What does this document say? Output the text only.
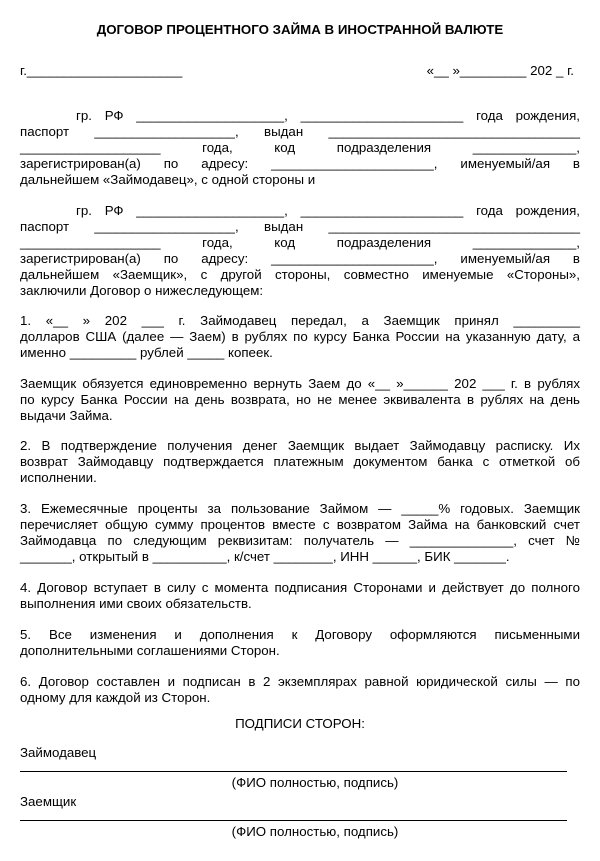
ДОГОВОР ПРОЦЕНТНОГО ЗАЙМА В ИНОСТРАННОЙ ВАЛЮТЕ
г._____________________	«__ »_________ 202 _ г.
гр. РФ ____________________, ______________________ года рождения,
паспорт ___________________, выдан __________________________________
___________________ года, код подразделения ______________,
зарегистрирован(а) по адресу: ______________________, именуемый/ая в
дальнейшем «Займодавец», с одной стороны и
гр. РФ ____________________, ______________________ года рождения,
паспорт ___________________, выдан __________________________________
___________________ года, код подразделения ______________,
зарегистрирован(а) по адресу: ______________________, именуемый/ая в
дальнейшем «Заемщик», с другой стороны, совместно именуемые «Стороны»,
заключили Договор о нижеследующем:
1. «__ » 202 ___ г. Займодавец передал, а Заемщик принял _________
долларов США (далее — Заем) в рублях по курсу Банка России на указанную дату, а
именно _________ рублей _____ копеек.
Заемщик обязуется единовременно вернуть Заем до «__ »______ 202 ___ г. в рублях
по курсу Банка России на день возврата, но не менее эквивалента в рублях на день
выдачи Займа.
2. В подтверждение получения денег Заемщик выдает Займодавцу расписку. Их
возврат Займодавцу подтверждается платежным документом банка с отметкой об
исполнении.
3. Ежемесячные проценты за пользование Займом — _____% годовых. Заемщик
перечисляет общую сумму процентов вместе с возвратом Займа на банковский счет
Займодавца по следующим реквизитам: получатель — ______________, счет №
_______, открытый в __________, к/счет ________, ИНН ______, БИК _______.
4. Договор вступает в силу с момента подписания Сторонами и действует до полного
выполнения ими своих обязательств.
5. Все изменения и дополнения к Договору оформляются письменными
дополнительными соглашениями Сторон.
6. Договор составлен и подписан в 2 экземплярах равной юридической силы — по
одному для каждой из Сторон.
ПОДПИСИ СТОРОН:
Займодавец
(ФИО полностью, подпись)
Заемщик
(ФИО полностью, подпись)
